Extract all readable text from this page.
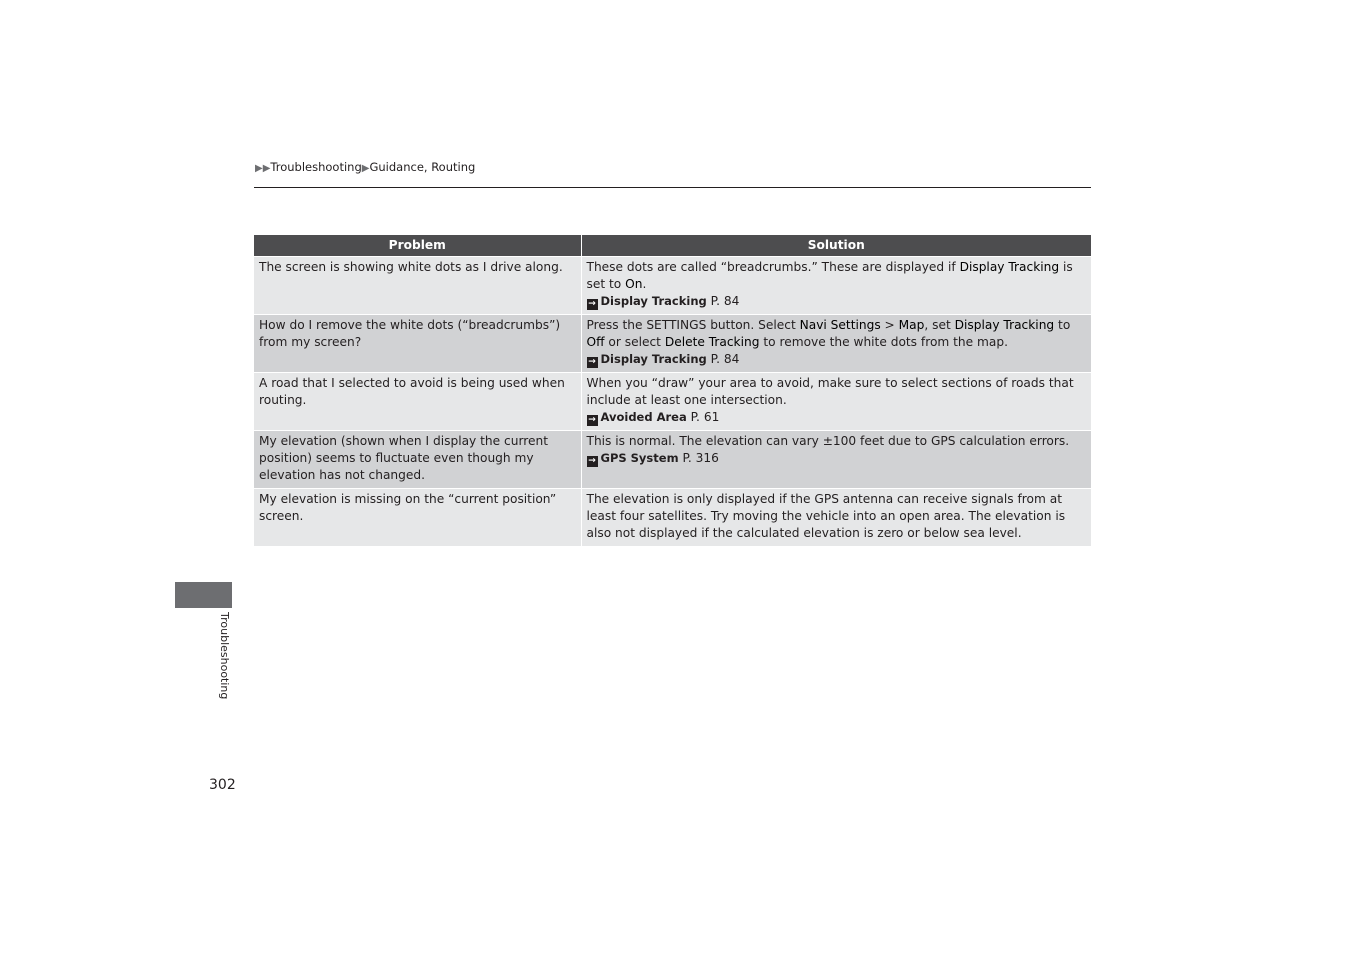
▶▶Troubleshooting▶Guidance, Routing
Problem	Solution
The screen is showing white dots as I drive along.	These dots are called “breadcrumbs.” These are displayed if Display Tracking is set to On.
→ Display Tracking P. 84

How do I remove the white dots (“breadcrumbs”) from my screen?	Press the SETTINGS button. Select Navi Settings > Map, set Display Tracking to Off or select Delete Tracking to remove the white dots from the map.
→ Display Tracking P. 84

A road that I selected to avoid is being used when routing.	When you “draw” your area to avoid, make sure to select sections of roads that include at least one intersection.
→ Avoided Area P. 61

My elevation (shown when I display the current position) seems to fluctuate even though my elevation has not changed.	This is normal. The elevation can vary ±100 feet due to GPS calculation errors.
→ GPS System P. 316

My elevation is missing on the “current position” screen.	The elevation is only displayed if the GPS antenna can receive signals from at least four satellites. Try moving the vehicle into an open area. The elevation is also not displayed if the calculated elevation is zero or below sea level.
Troubleshooting
302
